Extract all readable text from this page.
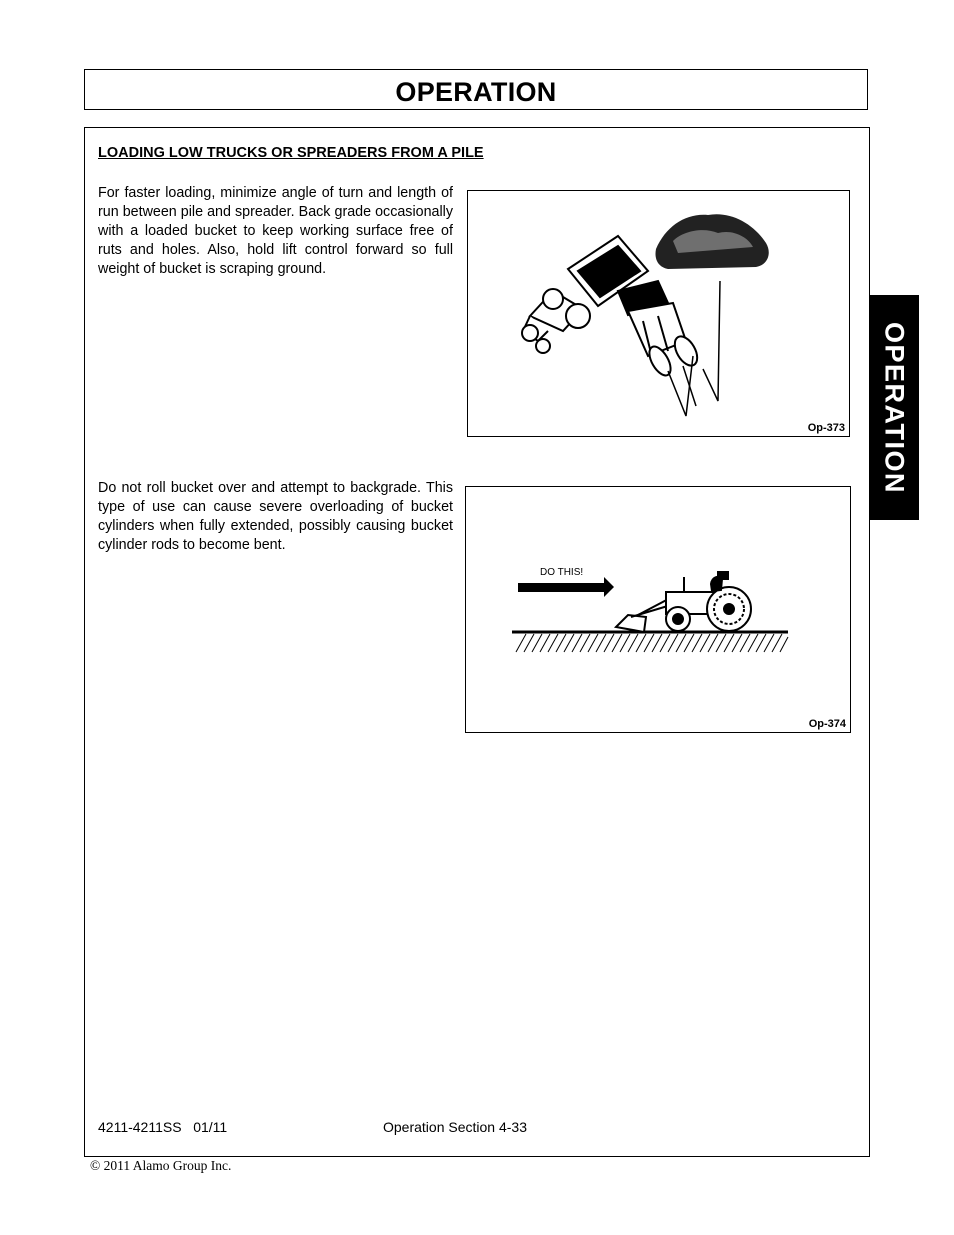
OPERATION
LOADING LOW TRUCKS OR SPREADERS FROM A PILE
For faster loading, minimize angle of turn and length of run between pile and spreader. Back grade occasionally with a loaded bucket to keep working surface free of ruts and holes. Also, hold lift control forward so full weight of bucket is scraping ground.
Op-373
Do not roll bucket over and attempt to backgrade. This type of use can cause severe overloading of bucket cylinders when fully extended, possibly causing bucket cylinder rods to become bent.
DO THIS!
Op-374
OPERATION
4211-4211SS   01/11	Operation Section 4-33
© 2011 Alamo Group Inc.
